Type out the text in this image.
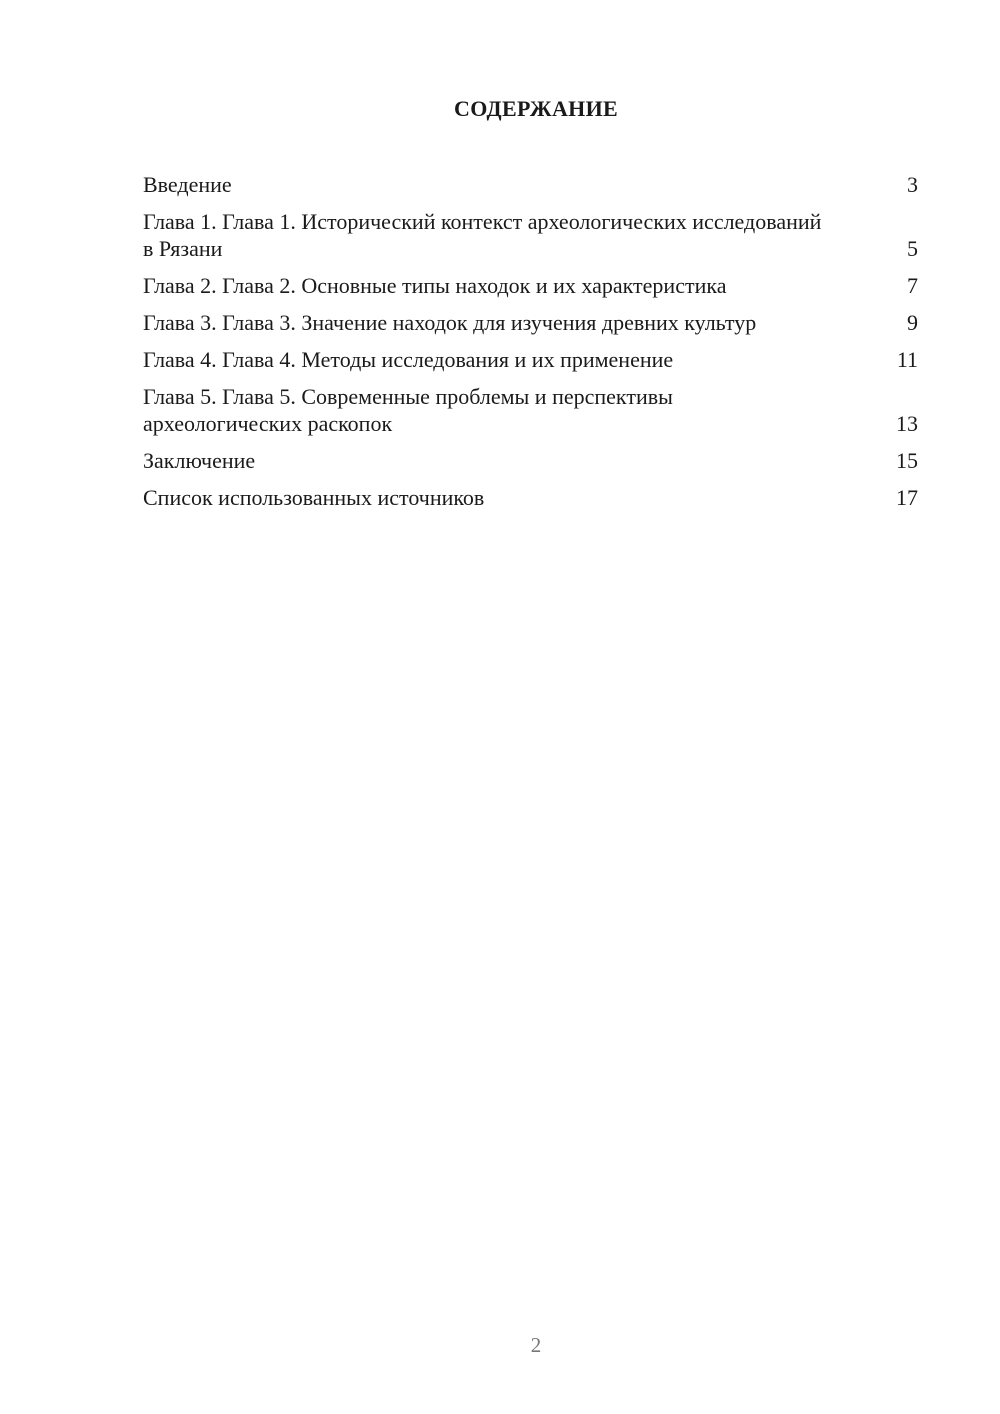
СОДЕРЖАНИЕ
Введение	3
Глава 1. Глава 1. Исторический контекст археологических исследований в Рязани	5
Глава 2. Глава 2. Основные типы находок и их характеристика	7
Глава 3. Глава 3. Значение находок для изучения древних культур	9
Глава 4. Глава 4. Методы исследования и их применение	11
Глава 5. Глава 5. Современные проблемы и перспективы археологических раскопок	13
Заключение	15
Список использованных источников	17
2
